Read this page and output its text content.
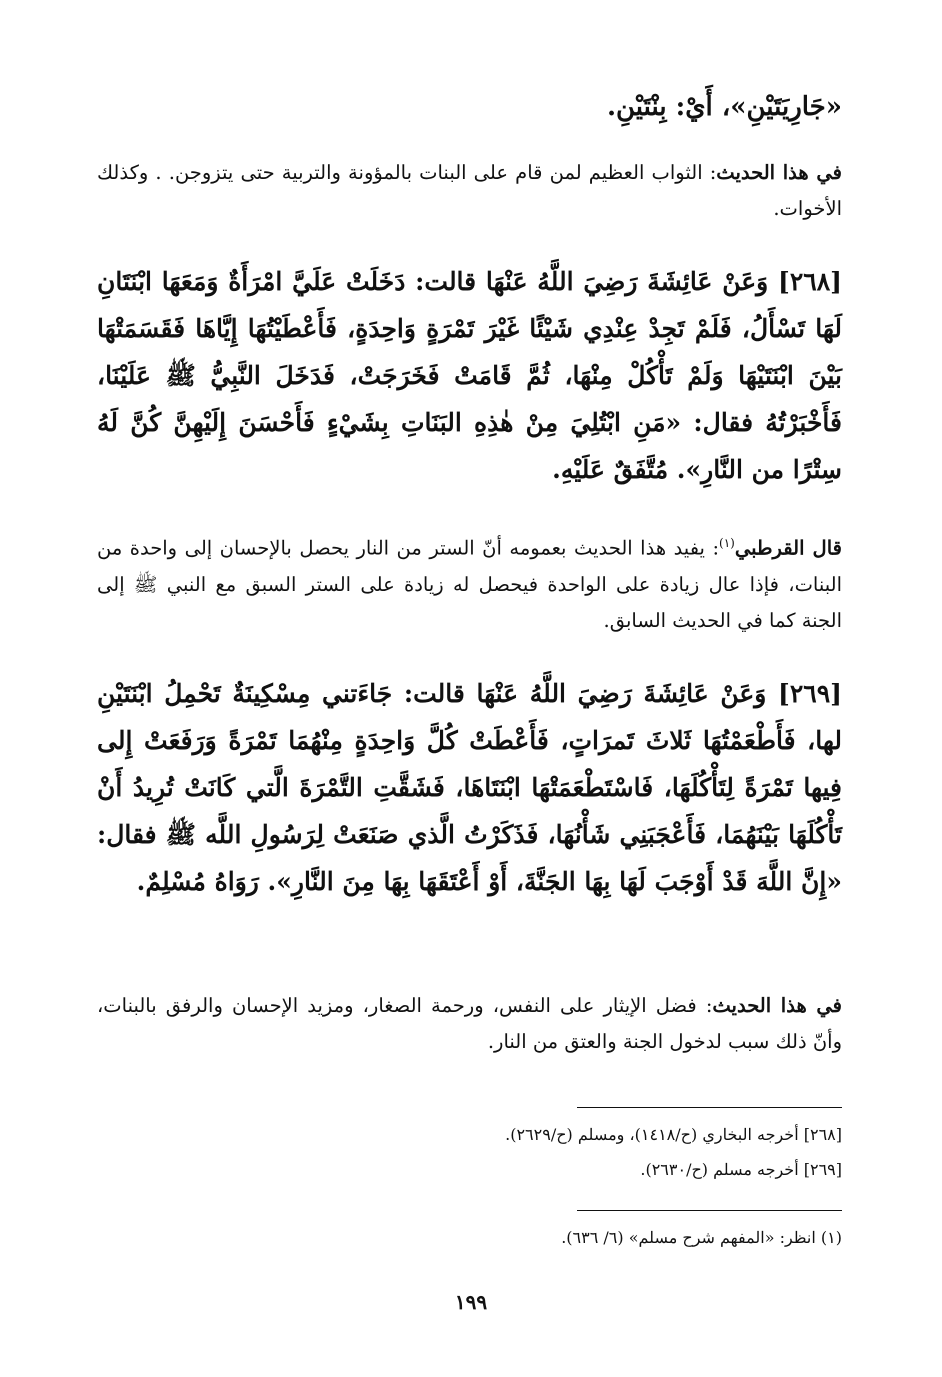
«جَارِيَتَيْنِ»، أَيْ: بِنْتَيْنِ.
في هذا الحديث: الثواب العظيم لمن قام على البنات بالمؤونة والتربية حتى يتزوجن. . وكذلك الأخوات.
[٢٦٨] وَعَنْ عَائِشَةَ رَضِيَ اللَّهُ عَنْهَا قالت: دَخَلَتْ عَلَيَّ امْرَأَةٌ وَمَعَهَا ابْنَتَانِ لَهَا تَسْأَلُ، فَلَمْ تَجِدْ عِنْدِي شَيْئًا غَيْرَ تَمْرَةٍ وَاحِدَةٍ، فَأَعْطَيْتُهَا إِيَّاهَا فَقَسَمَتْهَا بَيْنَ ابْنَتَيْهَا وَلَمْ تَأْكُلْ مِنْهَا، ثُمَّ قَامَتْ فَخَرَجَتْ، فَدَخَلَ النَّبِيُّ ﷺ عَلَيْنَا، فَأَخْبَرْتُهُ فقال: «مَنِ ابْتُلِيَ مِنْ هٰذِهِ البَنَاتِ بِشَيْءٍ فَأَحْسَنَ إِلَيْهِنَّ كُنَّ لَهُ سِتْرًا من النَّارِ». مُتَّفَقٌ عَلَيْهِ.
قال القرطبي$^{(١)}$: يفيد هذا الحديث بعمومه أنّ الستر من النار يحصل بالإحسان إلى واحدة من البنات، فإذا عال زيادة على الواحدة فيحصل له زيادة على الستر السبق مع النبي ﷺ إلى الجنة كما في الحديث السابق.
[٢٦٩] وَعَنْ عَائِشَةَ رَضِيَ اللَّهُ عَنْهَا قالت: جَاءَتني مِسْكِينَةٌ تَحْمِلُ ابْنَتَيْنِ لها، فَأَطْعَمْتُهَا ثَلاثَ تَمرَاتٍ، فَأَعْطَتْ كُلَّ وَاحِدَةٍ مِنْهُمَا تَمْرَةً وَرَفَعَتْ إِلى فِيها تَمْرَةً لِتَأْكُلَهَا، فَاسْتَطْعَمَتْهَا ابْنَتَاهَا، فَشَقَّتِ التَّمْرَةَ الَّتي كَانَتْ تُرِيدُ أَنْ تَأْكُلَهَا بَيْنَهُمَا، فَأَعْجَبَنِي شَأْنُهَا، فَذَكَرْتُ الَّذي صَنَعَتْ لِرَسُولِ اللَّه ﷺ فقال: «إِنَّ اللَّهَ قَدْ أَوْجَبَ لَهَا بِهَا الجَنَّةَ، أَوْ أَعْتَقَهَا بِهَا مِنَ النَّارِ». رَوَاهُ مُسْلِمٌ.
في هذا الحديث: فضل الإيثار على النفس، ورحمة الصغار، ومزيد الإحسان والرفق بالبنات، وأنّ ذلك سبب لدخول الجنة والعتق من النار.
[٢٦٨] أخرجه البخاري (ح/١٤١٨)، ومسلم (ح/٢٦٢٩).
[٢٦٩] أخرجه مسلم (ح/٢٦٣٠).
(١) انظر: «المفهم شرح مسلم» (٦/ ٦٣٦).
١٩٩
